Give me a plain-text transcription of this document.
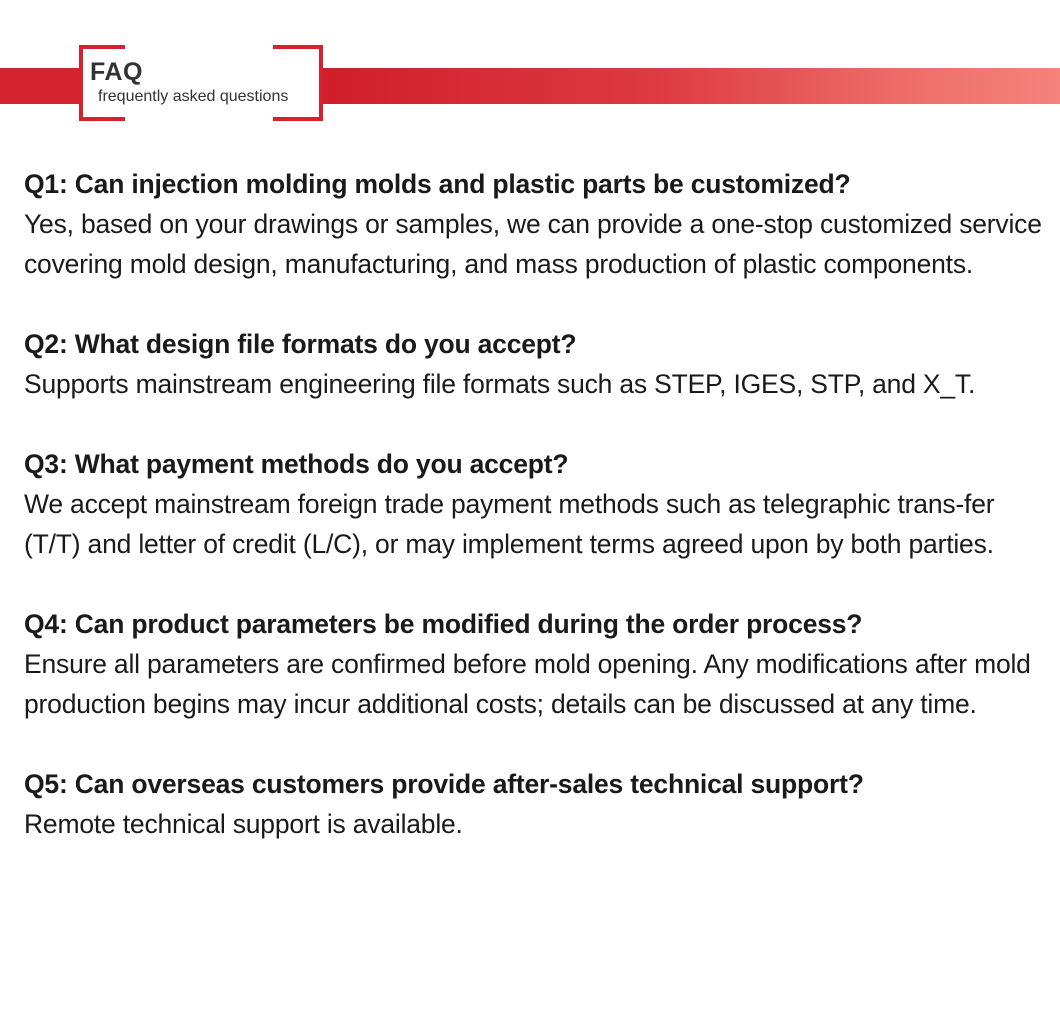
FAQ
frequently asked questions
Q1: Can injection molding molds and plastic parts be customized?
Yes, based on your drawings or samples, we can provide a one-stop customized service covering mold design, manufacturing, and mass production of plastic components.
Q2: What design file formats do you accept?
Supports mainstream engineering file formats such as STEP, IGES, STP, and X_T.
Q3: What payment methods do you accept?
We accept mainstream foreign trade payment methods such as telegraphic trans-fer (T/T) and letter of credit (L/C), or may implement terms agreed upon by both parties.
Q4: Can product parameters be modified during the order process?
Ensure all parameters are confirmed before mold opening. Any modifications after mold production begins may incur additional costs; details can be discussed at any time.
Q5: Can overseas customers provide after-sales technical support?
Remote technical support is available.
